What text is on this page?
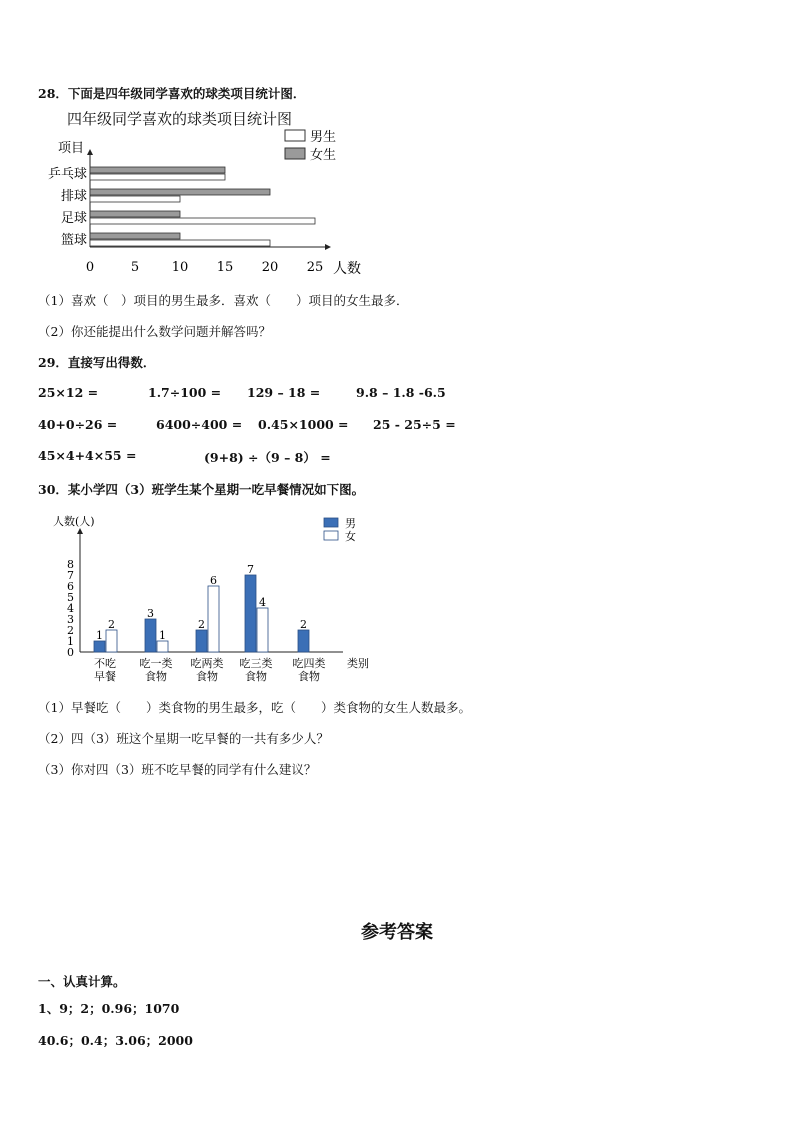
28．下面是四年级同学喜欢的球类项目统计图．
四年级同学喜欢的球类项目统计图
项目
人数
0	5	10 15 20 25
男生
女生
乒乓球
排球
足球
篮球
（1）喜欢（　）项目的男生最多．喜欢（　　）项目的女生最多．
（2）你还能提出什么数学问题并解答吗？
29．直接写出得数．
25×12 =	1.7÷100 = 129 – 18 =	9.8 – 1.8 -6.5
40+0÷26 =	6400÷400 = 0.45×1000 = 25 - 25÷5 =
45×4+4×55 =	(9+8) ÷（9 – 8） =
30．某小学四（3）班学生某个星期一吃早餐情况如下图。
人数(人)
类别
0
1
2
3
4
5
6
7
8
男
女
1
2
不吃
早餐
3
1
吃一类
食物
2
6
吃两类
食物
7
4
吃三类
食物
2
吃四类
食物
（1）早餐吃（　　）类食物的男生最多，吃（　　）类食物的女生人数最多。
（2）四（3）班这个星期一吃早餐的一共有多少人？
（3）你对四（3）班不吃早餐的同学有什么建议？
参考答案
一、认真计算。
1、9；2；0.96；1070
40.6；0.4；3.06；2000
